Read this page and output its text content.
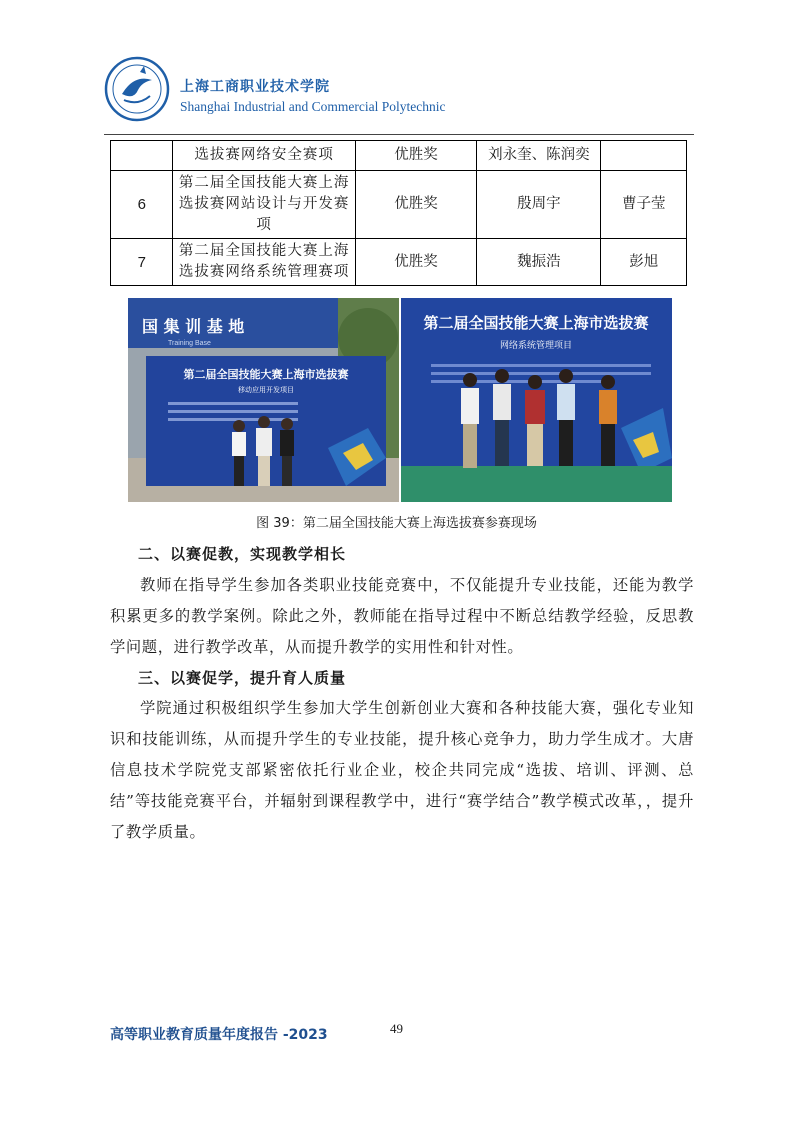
上海工商职业技术学院
Shanghai Industrial and Commercial Polytechnic
	选拔赛网络安全赛项	优胜奖	刘永奎、陈润奕	
6	第二届全国技能大赛上海选拔赛网站设计与开发赛项	优胜奖	殷周宇	曹子莹
7	第二届全国技能大赛上海选拔赛网络系统管理赛项	优胜奖	魏振浩	彭旭
国 集 训 基 地
Training Base
第二届全国技能大赛上海市选拔赛
移动应用开发项目
第二届全国技能大赛上海市选拔赛
网络系统管理项目
图 39：第二届全国技能大赛上海选拔赛参赛现场
二、以赛促教，实现教学相长
教师在指导学生参加各类职业技能竞赛中，不仅能提升专业技能，还能为教学积累更多的教学案例。除此之外，教师能在指导过程中不断总结教学经验，反思教学问题，进行教学改革，从而提升教学的实用性和针对性。
三、以赛促学，提升育人质量
学院通过积极组织学生参加大学生创新创业大赛和各种技能大赛，强化专业知识和技能训练，从而提升学生的专业技能，提升核心竞争力，助力学生成才。大唐信息技术学院党支部紧密依托行业企业，校企共同完成“选拔、培训、评测、总结”等技能竞赛平台，并辐射到课程教学中，进行“赛学结合”教学模式改革，，提升了教学质量。
高等职业教育质量年度报告 -2023	49
